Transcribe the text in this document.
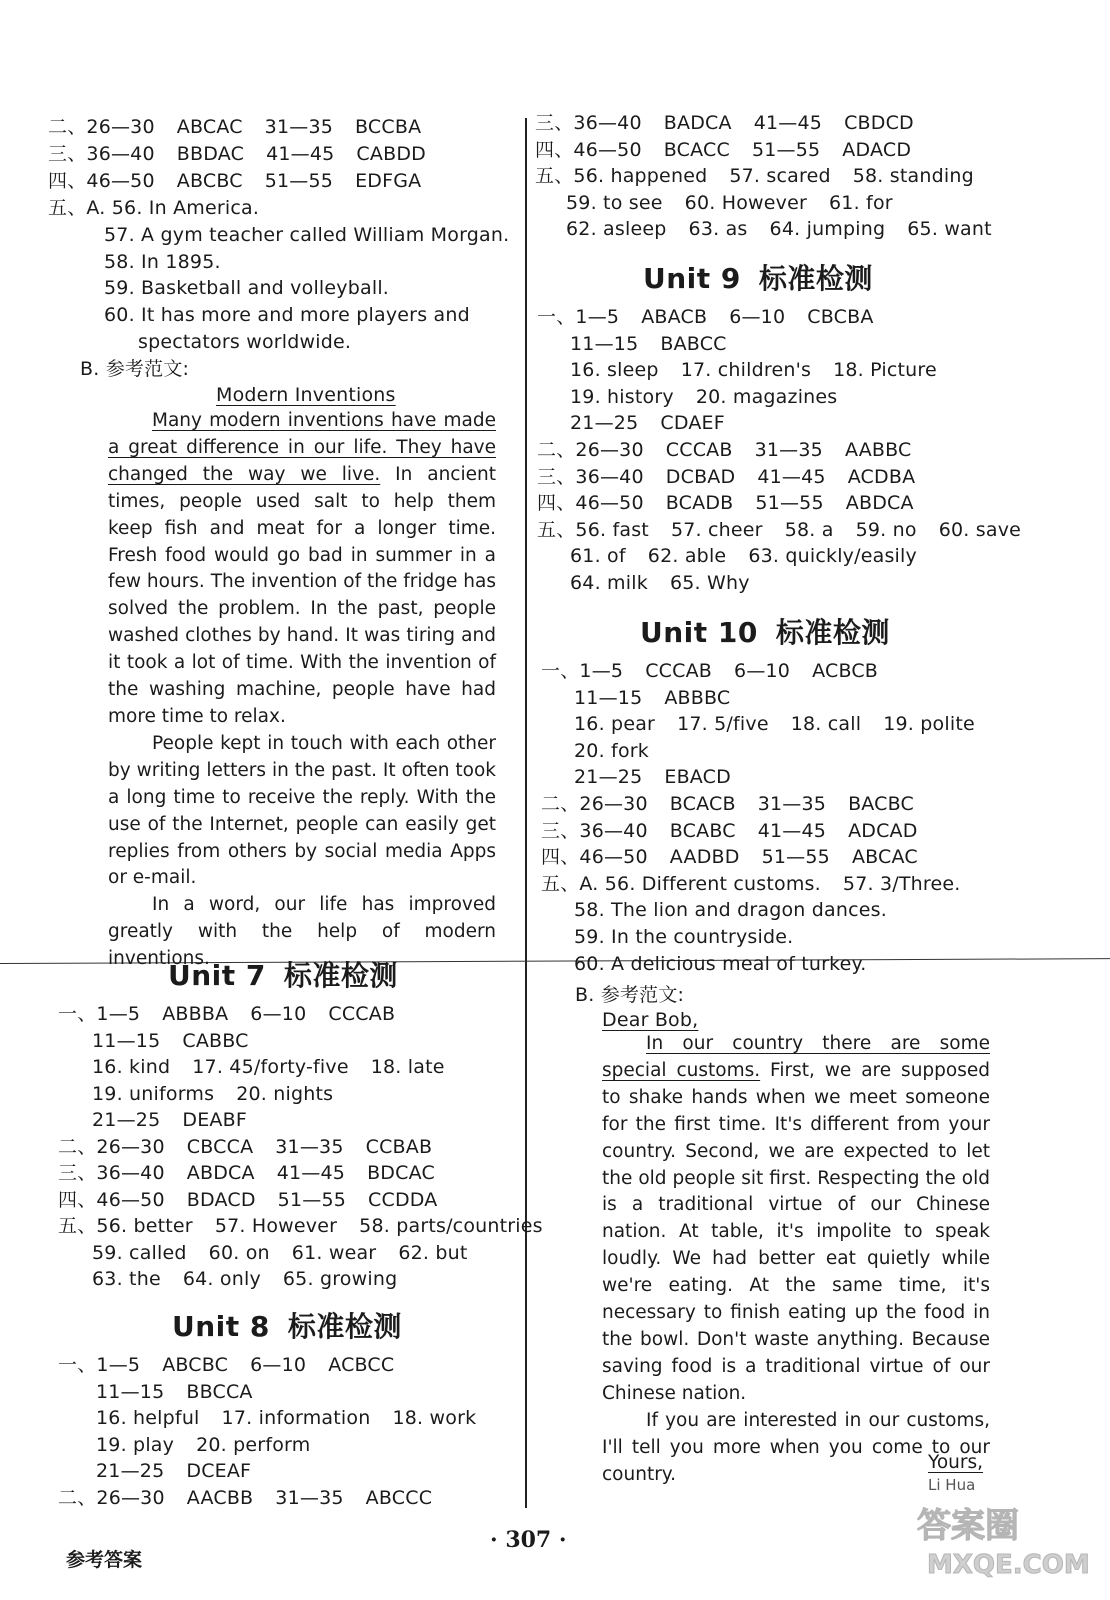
二、26—30 ABCAC 31—35 BCCBA
三、36—40 BBDAC 41—45 CABDD
四、46—50 ABCBC 51—55 EDFGA
五、A. 56. In America.
57. A gym teacher called William Morgan.
58. In 1895.
59. Basketball and volleyball.
60. It has more and more players and
spectators worldwide.
B. 参考范文:
Modern Inventions

Many modern inventions have made a great difference in our life. They have changed the way we live. In ancient times, people used salt to help them keep fish and meat for a longer time. Fresh food would go bad in summer in a few hours. The invention of the fridge has solved the problem. In the past, people washed clothes by hand. It was tiring and it took a lot of time. With the invention of the washing machine, people have had more time to relax.

People kept in touch with each other by writing letters in the past. It often took a long time to receive the reply. With the use of the Internet, people can easily get replies from others by social media Apps or e-mail.

In a word, our life has improved greatly with the help of modern inventions.

Unit 7 标准检测
一、1—5 ABBBA 6—10 CCCAB
11—15 CABBC
16. kind 17. 45/forty-five 18. late
19. uniforms 20. nights
21—25 DEABF
二、26—30 CBCCA 31—35 CCBAB
三、36—40 ABDCA 41—45 BDCAC
四、46—50 BDACD 51—55 CCDDA
五、56. better 57. However 58. parts/countries
59. called 60. on 61. wear 62. but
63. the 64. only 65. growing
Unit 8 标准检测
一、1—5 ABCBC 6—10 ACBCC
11—15 BBCCA
16. helpful 17. information 18. work
19. play 20. perform
21—25 DCEAF
二、26—30 AACBB 31—35 ABCCC
三、36—40 BADCA 41—45 CBDCD
四、46—50 BCACC 51—55 ADACD
五、56. happened 57. scared 58. standing
59. to see 60. However 61. for
62. asleep 63. as 64. jumping 65. want
Unit 9 标准检测
一、1—5 ABACB 6—10 CBCBA
11—15 BABCC
16. sleep 17. children's 18. Picture
19. history 20. magazines
21—25 CDAEF
二、26—30 CCCAB 31—35 AABBC
三、36—40 DCBAD 41—45 ACDBA
四、46—50 BCADB 51—55 ABDCA
五、56. fast 57. cheer 58. a 59. no 60. save
61. of 62. able 63. quickly/easily
64. milk 65. Why
Unit 10 标准检测
一、1—5 CCCAB 6—10 ACBCB
11—15 ABBBC
16. pear 17. 5/five 18. call 19. polite
20. fork
21—25 EBACD
二、26—30 BCACB 31—35 BACBC
三、36—40 BCABC 41—45 ADCAD
四、46—50 AADBD 51—55 ABCAC
五、A. 56. Different customs. 57. 3/Three.
58. The lion and dragon dances.
59. In the countryside.
60. A delicious meal of turkey.
B. 参考范文:
Dear Bob,

In our country there are some special customs. First, we are supposed to shake hands when we meet someone for the first time. It's different from your country. Second, we are expected to let the old people sit first. Respecting the old is a traditional virtue of our Chinese nation. At table, it's impolite to speak loudly. We had better eat quietly while we're eating. At the same time, it's necessary to finish eating up the food in the bowl. Don't waste anything. Because saving food is a traditional virtue of our Chinese nation.

If you are interested in our customs, I'll tell you more when you come to our country.

Yours,
Li Hua
参考答案
· 307 ·	答案圈
MXQE.COM
